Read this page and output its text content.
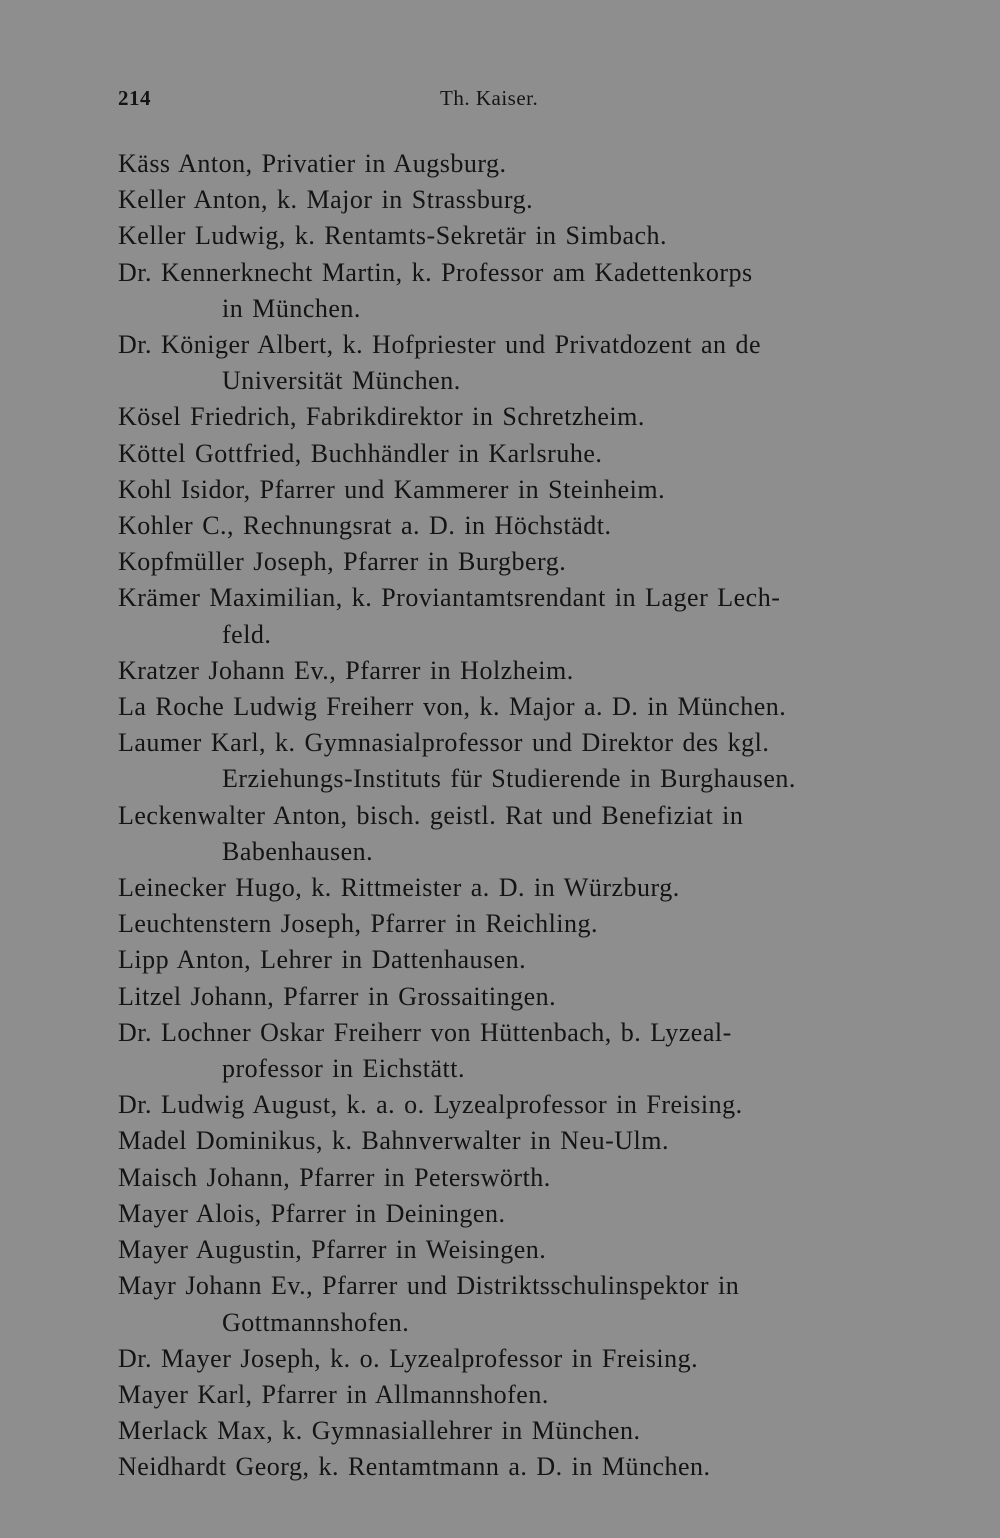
214	Th. Kaiser.
Käss Anton, Privatier in Augsburg.
Keller Anton, k. Major in Strassburg.
Keller Ludwig, k. Rentamts-Sekretär in Simbach.
Dr. Kennerknecht Martin, k. Professor am Kadettenkorps
in München.
Dr. Königer Albert, k. Hofpriester und Privatdozent an de
Universität München.
Kösel Friedrich, Fabrikdirektor in Schretzheim.
Köttel Gottfried, Buchhändler in Karlsruhe.
Kohl Isidor, Pfarrer und Kammerer in Steinheim.
Kohler C., Rechnungsrat a. D. in Höchstädt.
Kopfmüller Joseph, Pfarrer in Burgberg.
Krämer Maximilian, k. Proviantamtsrendant in Lager Lech-
feld.
Kratzer Johann Ev., Pfarrer in Holzheim.
La Roche Ludwig Freiherr von, k. Major a. D. in München.
Laumer Karl, k. Gymnasialprofessor und Direktor des kgl.
Erziehungs-Instituts für Studierende in Burghausen.
Leckenwalter Anton, bisch. geistl. Rat und Benefiziat in
Babenhausen.
Leinecker Hugo, k. Rittmeister a. D. in Würzburg.
Leuchtenstern Joseph, Pfarrer in Reichling.
Lipp Anton, Lehrer in Dattenhausen.
Litzel Johann, Pfarrer in Grossaitingen.
Dr. Lochner Oskar Freiherr von Hüttenbach, b. Lyzeal-
professor in Eichstätt.
Dr. Ludwig August, k. a. o. Lyzealprofessor in Freising.
Madel Dominikus, k. Bahnverwalter in Neu-Ulm.
Maisch Johann, Pfarrer in Peterswörth.
Mayer Alois, Pfarrer in Deiningen.
Mayer Augustin, Pfarrer in Weisingen.
Mayr Johann Ev., Pfarrer und Distriktsschulinspektor in
Gottmannshofen.
Dr. Mayer Joseph, k. o. Lyzealprofessor in Freising.
Mayer Karl, Pfarrer in Allmannshofen.
Merlack Max, k. Gymnasiallehrer in München.
Neidhardt Georg, k. Rentamtmann a. D. in München.
